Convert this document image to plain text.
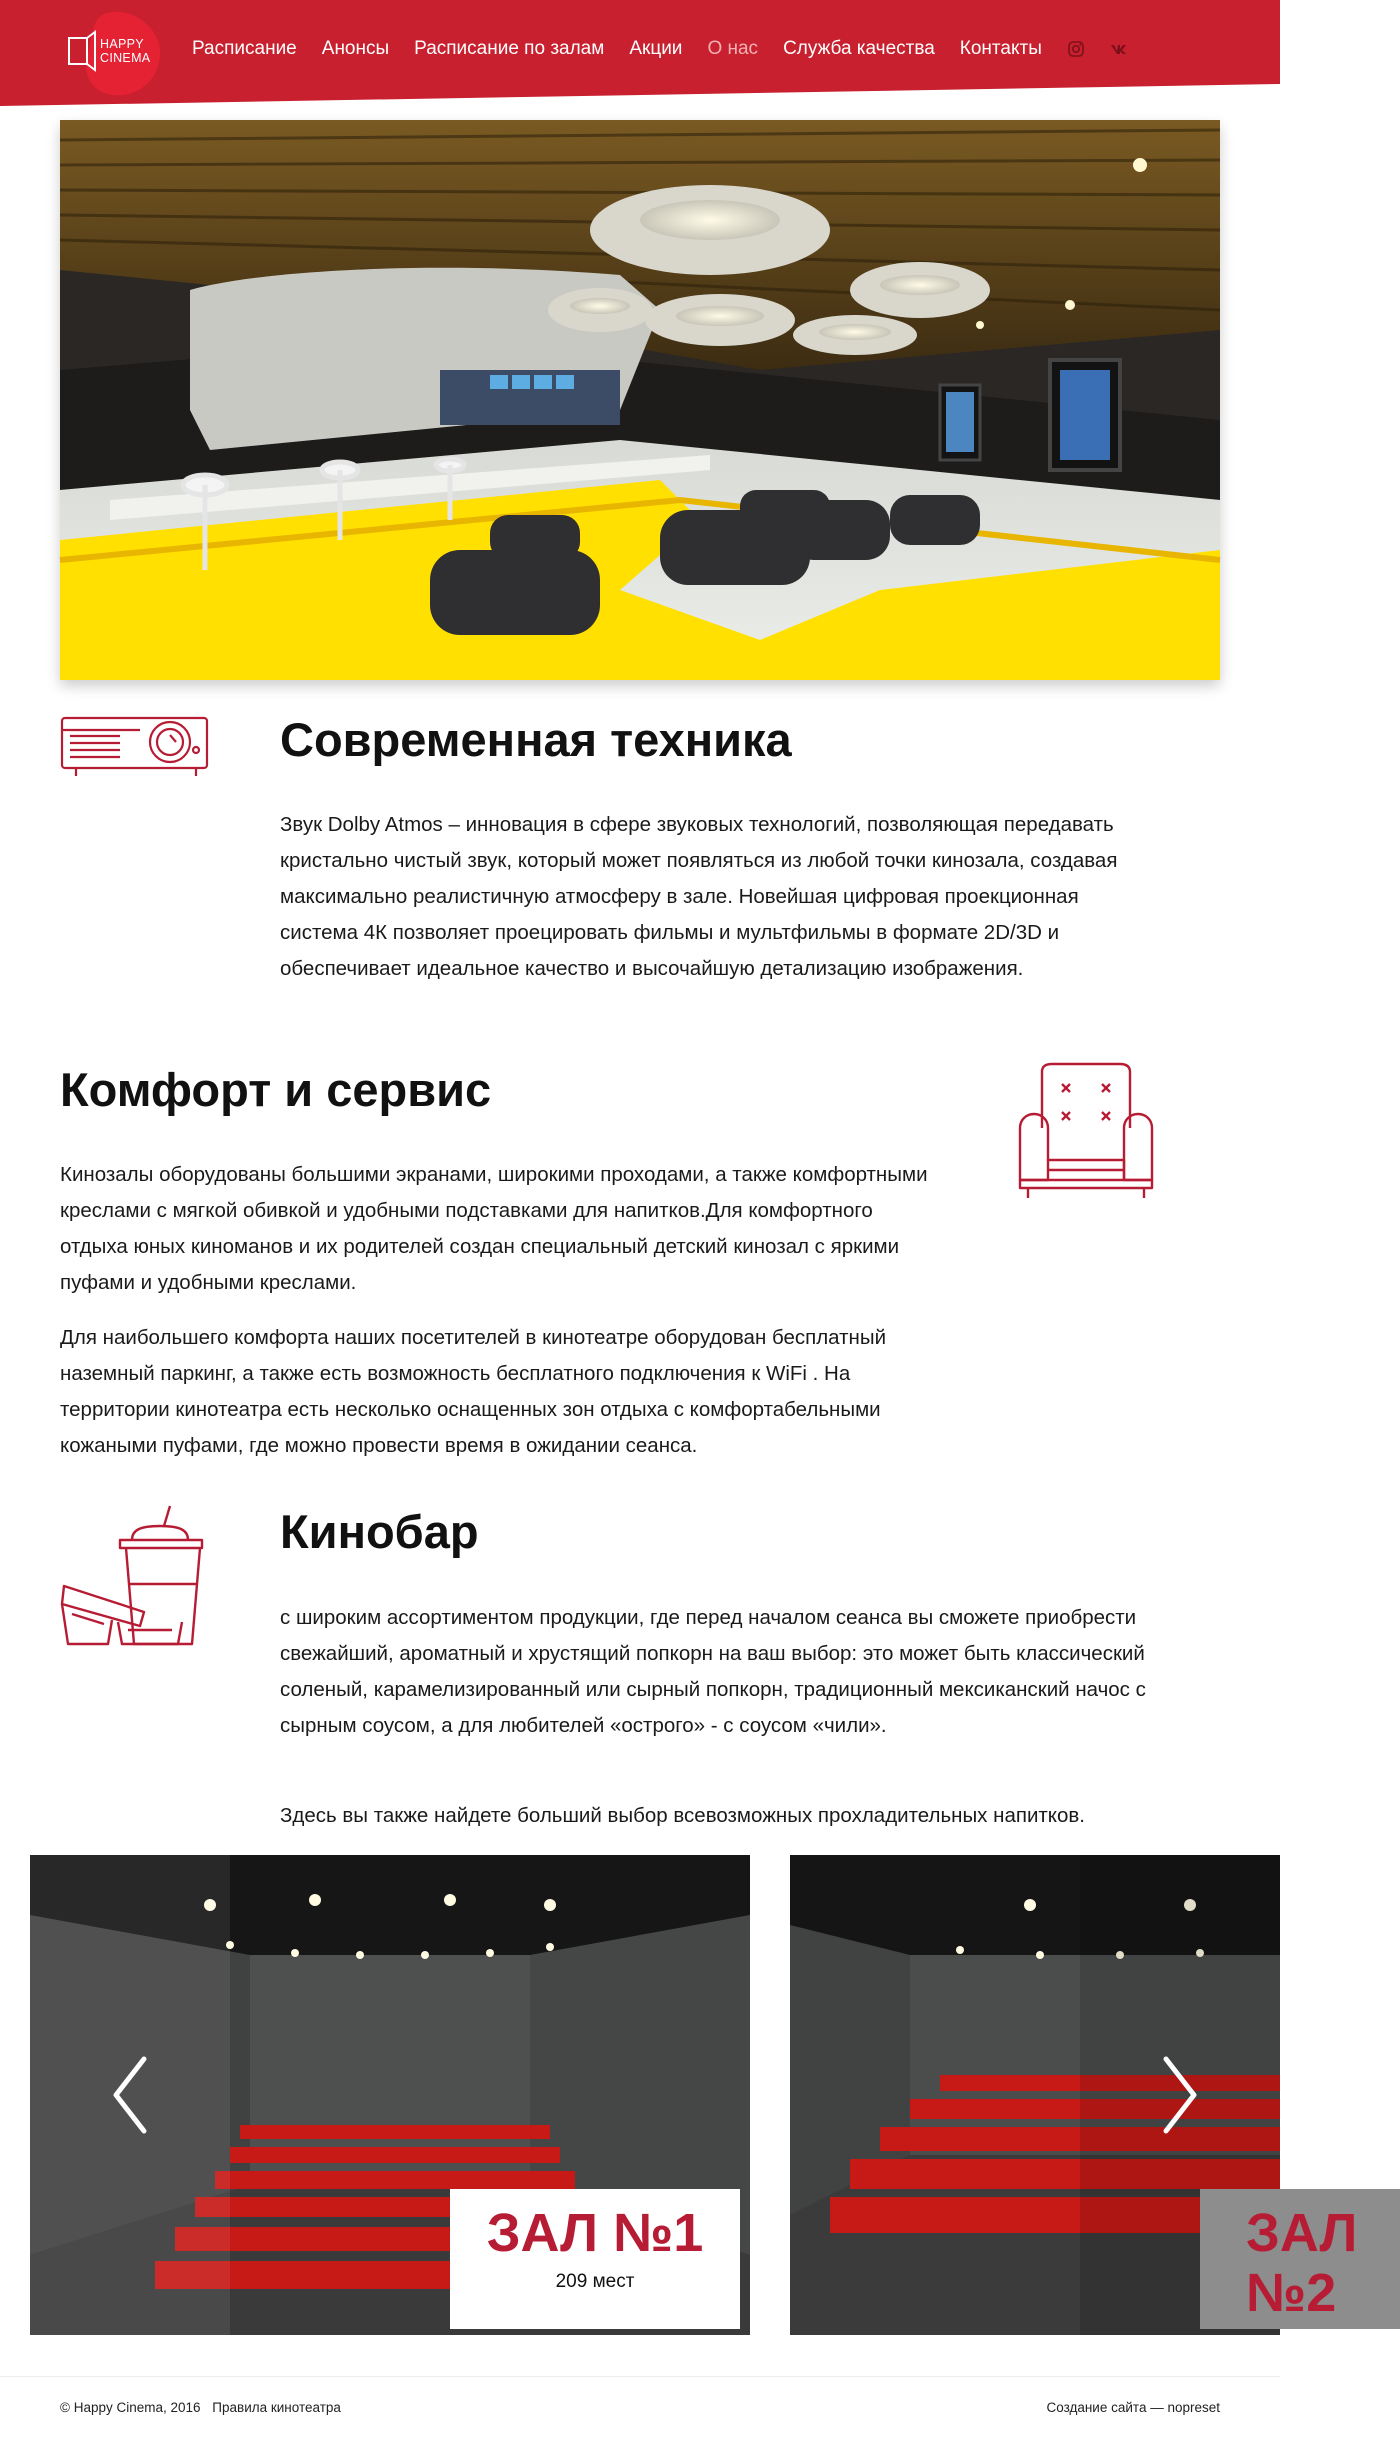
HAPPY
CINEMA Расписание Анонсы Расписание по залам Акции О нас Служба качества Контакты
Современная техника
Звук Dolby Atmos – инновация в сфере звуковых технологий, позволяющая передавать кристально чистый звук, который может появляться из любой точки кинозала, создавая максимально реалистичную атмосферу в зале. Новейшая цифровая проекционная система 4К позволяет проецировать фильмы и мультфильмы в формате 2D/3D и обеспечивает идеальное качество и высочайшую детализацию изображения.
Комфорт и сервис
Кинозалы оборудованы большими экранами, широкими проходами, а также комфортными креслами с мягкой обивкой и удобными подставками для напитков.Для комфортного отдыха юных киноманов и их родителей создан специальный детский кинозал с яркими пуфами и удобными креслами.
Для наибольшего комфорта наших посетителей в кинотеатре оборудован бесплатный наземный паркинг, а также есть возможность бесплатного подключения к WiFi . На территории кинотеатра есть несколько оснащенных зон отдыха с комфортабельными кожаными пуфами, где можно провести время в ожидании сеанса.
Кинобар
с широким ассортиментом продукции, где перед началом сеанса вы сможете приобрести свежайший, ароматный и хрустящий попкорн на ваш выбор: это может быть классический соленый, карамелизированный или сырный попкорн, традиционный мексиканский начос с сырным соусом, а для любителей «острого» - с соусом «чили».
Здесь вы также найдете больший выбор всевозможных прохладительных напитков.
ЗАЛ №1
209 мест
ЗАЛ №2
© Happy Cinema, 2016 Правила кинотеатра	Создание сайта — nopreset
